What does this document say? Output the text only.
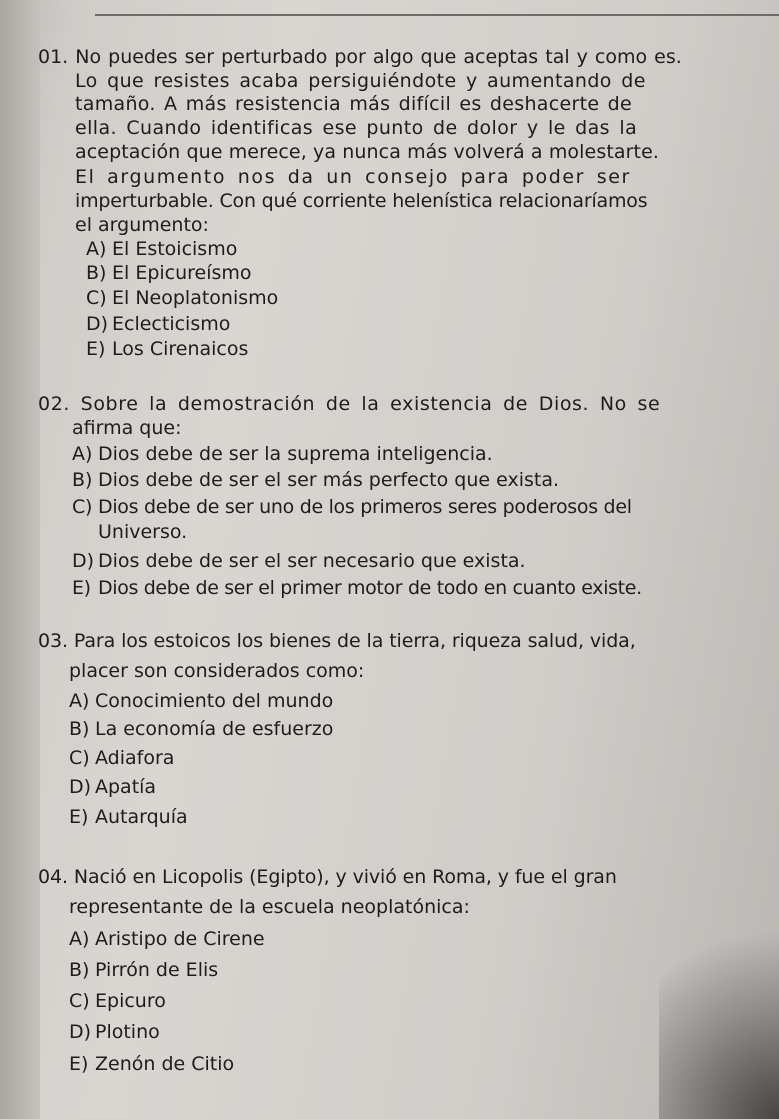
01. No puedes ser perturbado por algo que aceptas tal y como es.
Lo que resistes acaba persiguiéndote y aumentando de
tamaño. A más resistencia más difícil es deshacerte de
ella. Cuando identificas ese punto de dolor y le das la
aceptación que merece, ya nunca más volverá a molestarte.
El argumento nos da un consejo para poder ser
imperturbable. Con qué corriente helenística relacionaríamos
el argumento:
A) El Estoicismo
B) El Epicureísmo
C) El Neoplatonismo
D) Eclecticismo
E) Los Cirenaicos
02. Sobre la demostración de la existencia de Dios. No se
afirma que:
A) Dios debe de ser la suprema inteligencia.
B) Dios debe de ser el ser más perfecto que exista.
C) Dios debe de ser uno de los primeros seres poderosos del
Universo.
D) Dios debe de ser el ser necesario que exista.
E) Dios debe de ser el primer motor de todo en cuanto existe.
03. Para los estoicos los bienes de la tierra, riqueza salud, vida,
placer son considerados como:
A) Conocimiento del mundo
B) La economía de esfuerzo
C) Adiafora
D) Apatía
E) Autarquía
04. Nació en Licopolis (Egipto), y vivió en Roma, y fue el gran
representante de la escuela neoplatónica:
A) Aristipo de Cirene
B) Pirrón de Elis
C) Epicuro
D) Plotino
E) Zenón de Citio
